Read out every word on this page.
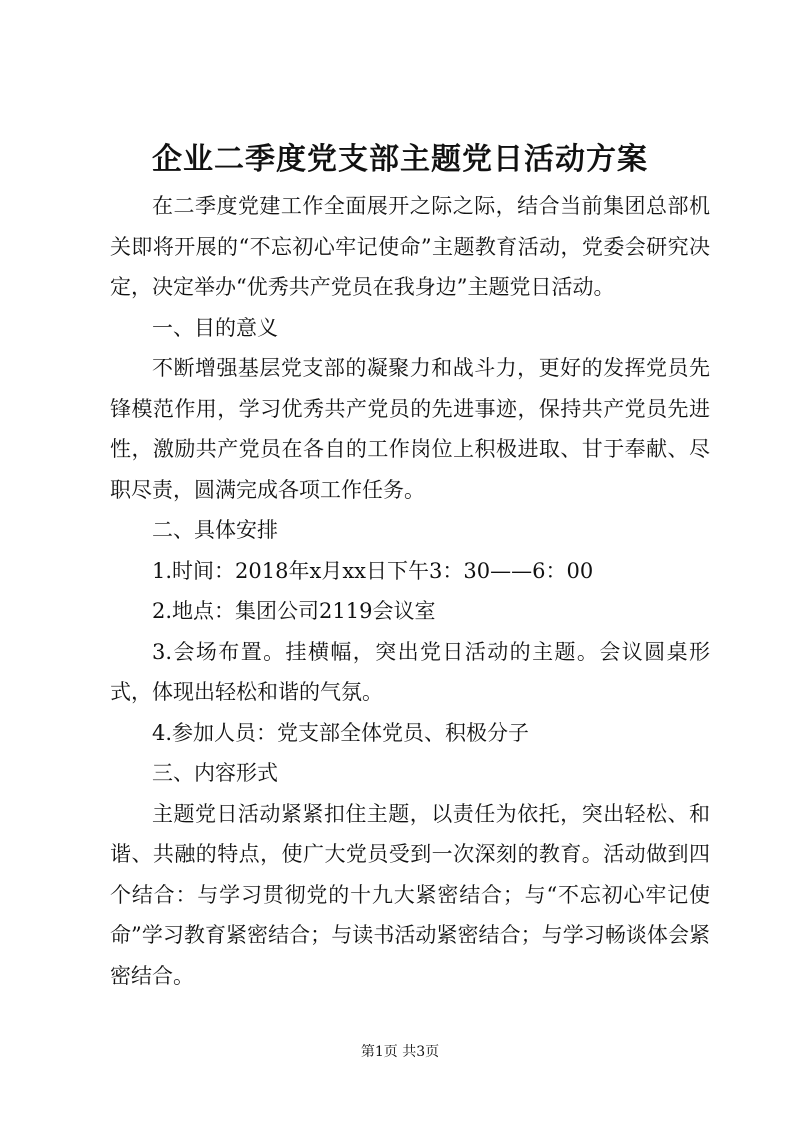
企业二季度党支部主题党日活动方案

在二季度党建工作全面展开之际之际，结合当前集团总部机关即将开展的“不忘初心牢记使命”主题教育活动，党委会研究决定，决定举办“优秀共产党员在我身边”主题党日活动。

一、目的意义

不断增强基层党支部的凝聚力和战斗力，更好的发挥党员先锋模范作用，学习优秀共产党员的先进事迹，保持共产党员先进性，激励共产党员在各自的工作岗位上积极进取、甘于奉献、尽职尽责，圆满完成各项工作任务。

二、具体安排

1.时间：2018年x月xx日下午3：30——6：00

2.地点：集团公司2119会议室

3.会场布置。挂横幅，突出党日活动的主题。会议圆桌形式，体现出轻松和谐的气氛。

4.参加人员：党支部全体党员、积极分子

三、内容形式

主题党日活动紧紧扣住主题，以责任为依托，突出轻松、和谐、共融的特点，使广大党员受到一次深刻的教育。活动做到四个结合：与学习贯彻党的十九大紧密结合；与“不忘初心牢记使命”学习教育紧密结合；与读书活动紧密结合；与学习畅谈体会紧密结合。

第1页 共3页
